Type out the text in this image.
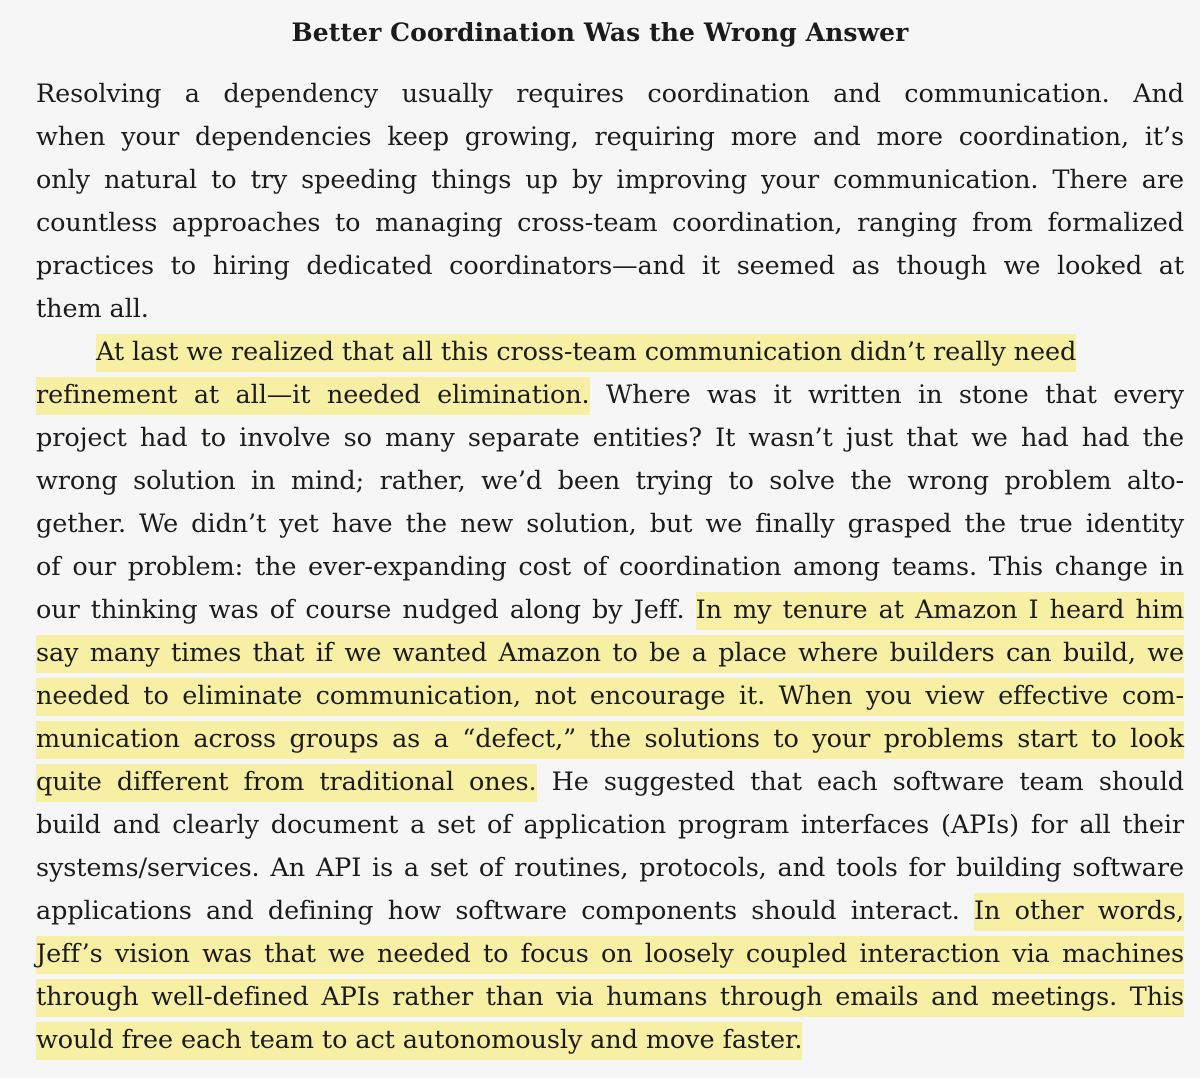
Better Coordination Was the Wrong Answer
Resolving a dependency usually requires coordination and communication. And
when your dependencies keep growing, requiring more and more coordination, it’s
only natural to try speeding things up by improving your communication. There are
countless approaches to managing cross-team coordination, ranging from formalized
practices to hiring dedicated coordinators—and it seemed as though we looked at
them all.
At last we realized that all this cross-team communication didn’t really need
refinement at all—it needed elimination. Where was it written in stone that every
project had to involve so many separate entities? It wasn’t just that we had had the
wrong solution in mind; rather, we’d been trying to solve the wrong problem alto-
gether. We didn’t yet have the new solution, but we finally grasped the true identity
of our problem: the ever-expanding cost of coordination among teams. This change in
our thinking was of course nudged along by Jeff. In my tenure at Amazon I heard him
say many times that if we wanted Amazon to be a place where builders can build, we
needed to eliminate communication, not encourage it. When you view effective com-
munication across groups as a “defect,” the solutions to your problems start to look
quite different from traditional ones. He suggested that each software team should
build and clearly document a set of application program interfaces (APIs) for all their
systems/services. An API is a set of routines, protocols, and tools for building software
applications and defining how software components should interact. In other words,
Jeff’s vision was that we needed to focus on loosely coupled interaction via machines
through well-defined APIs rather than via humans through emails and meetings. This
would free each team to act autonomously and move faster.
